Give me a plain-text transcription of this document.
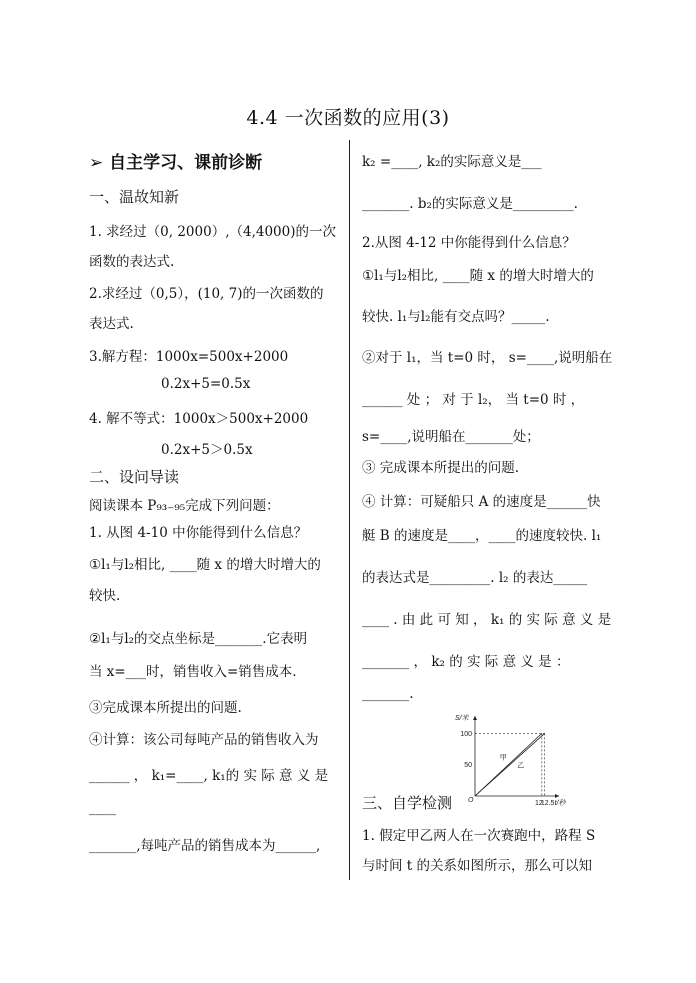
4.4 一次函数的应用(3)
➢ 自主学习、课前诊断
一、温故知新
1. 求经过（0, 2000）,（4,4000)的一次
函数的表达式.
2.求经过（0,5），(10, 7)的一次函数的
表达式.
3.解方程：1000x=500x+2000
0.2x+5=0.5x
4. 解不等式：1000x＞500x+2000
0.2x+5＞0.5x
二、设问导读
阅读课本 P₉₃₋₉₅完成下列问题：
1. 从图 4-10 中你能得到什么信息？
①l₁与l₂相比, ____随 x 的增大时增大的
较快.
②l₁与l₂的交点坐标是_______.它表明
当 x=___时，销售收入=销售成本.
③完成课本所提出的问题.
④计算：该公司每吨产品的销售收入为
______ ， k₁=____, k₁的 实 际 意 义 是
____
_______,每吨产品的销售成本为______,
k₂ =____, k₂的实际意义是___
_______. b₂的实际意义是_________.
2.从图 4-12 中你能得到什么信息？
①l₁与l₂相比, ____随 x 的增大时增大的
较快. l₁与l₂能有交点吗？_____.
②对于 l₁，当 t=0 时， s=____,说明船在
______ 处 ； 对 于 l₂， 当 t=0 时 ，
s=____,说明船在_______处；
③ 完成课本所提出的问题.
④ 计算：可疑船只 A 的速度是______快
艇 B 的速度是____，____的速度较快. l₁
的表达式是_________. l₂ 的表达_____
____ . 由 此 可 知 ， k₁ 的 实 际 意 义 是
_______ ， k₂ 的 实 际 意 义 是 ：
_______.
三、自学检测
1. 假定甲乙两人在一次赛跑中，路程 S
与时间 t 的关系如图所示，那么可以知
50
100
12
12.5
S/米
t/秒
O
甲
乙
